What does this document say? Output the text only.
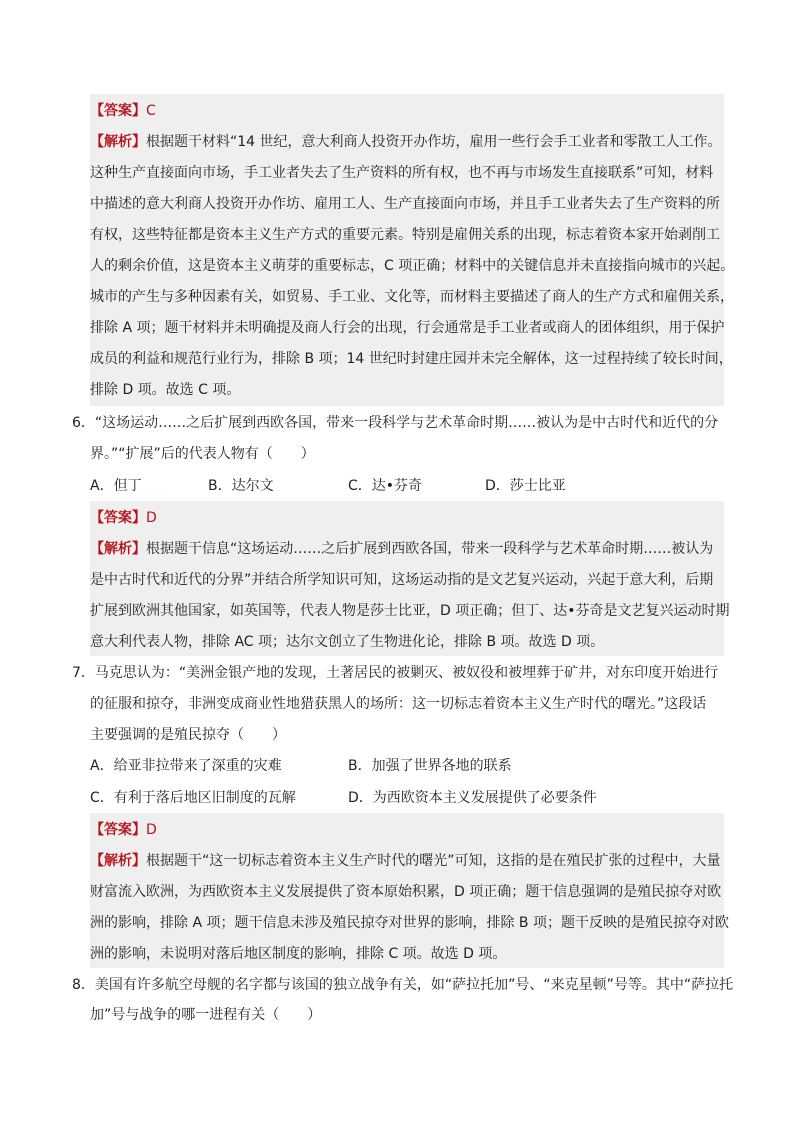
【答案】C
【解析】根据题干材料“14 世纪，意大利商人投资开办作坊，雇用一些行会手工业者和零散工人工作。
这种生产直接面向市场，手工业者失去了生产资料的所有权，也不再与市场发生直接联系”可知，材料
中描述的意大利商人投资开办作坊、雇用工人、生产直接面向市场，并且手工业者失去了生产资料的所
有权，这些特征都是资本主义生产方式的重要元素。特别是雇佣关系的出现，标志着资本家开始剥削工
人的剩余价值，这是资本主义萌芽的重要标志，C 项正确；材料中的关键信息并未直接指向城市的兴起。
城市的产生与多种因素有关，如贸易、手工业、文化等，而材料主要描述了商人的生产方式和雇佣关系，
排除 A 项；题干材料并未明确提及商人行会的出现，行会通常是手工业者或商人的团体组织，用于保护
成员的利益和规范行业行为，排除 B 项；14 世纪时封建庄园并未完全解体，这一过程持续了较长时间，
排除 D 项。故选 C 项。
6．“这场运动……之后扩展到西欧各国，带来一段科学与艺术革命时期……被认为是中古时代和近代的分
界。”“扩展”后的代表人物有（　　）
A．但丁	B．达尔文	C．达•芬奇	D．莎士比亚
【答案】D
【解析】根据题干信息“这场运动……之后扩展到西欧各国，带来一段科学与艺术革命时期……被认为
是中古时代和近代的分界”并结合所学知识可知，这场运动指的是文艺复兴运动，兴起于意大利，后期
扩展到欧洲其他国家，如英国等，代表人物是莎士比亚，D 项正确；但丁、达•芬奇是文艺复兴运动时期
意大利代表人物，排除 AC 项；达尔文创立了生物进化论，排除 B 项。故选 D 项。
7．马克思认为：“美洲金银产地的发现，土著居民的被剿灭、被奴役和被埋葬于矿井，对东印度开始进行
的征服和掠夺，非洲变成商业性地猎获黑人的场所：这一切标志着资本主义生产时代的曙光。”这段话
主要强调的是殖民掠夺（　　）
A．给亚非拉带来了深重的灾难	B．加强了世界各地的联系
C．有利于落后地区旧制度的瓦解	D．为西欧资本主义发展提供了必要条件
【答案】D
【解析】根据题干“这一切标志着资本主义生产时代的曙光”可知，这指的是在殖民扩张的过程中，大量
财富流入欧洲，为西欧资本主义发展提供了资本原始积累，D 项正确；题干信息强调的是殖民掠夺对欧
洲的影响，排除 A 项；题干信息未涉及殖民掠夺对世界的影响，排除 B 项；题干反映的是殖民掠夺对欧
洲的影响，未说明对落后地区制度的影响，排除 C 项。故选 D 项。
8．美国有许多航空母舰的名字都与该国的独立战争有关，如“萨拉托加”号、“来克星顿”号等。其中“萨拉托
加”号与战争的哪一进程有关（　　）
